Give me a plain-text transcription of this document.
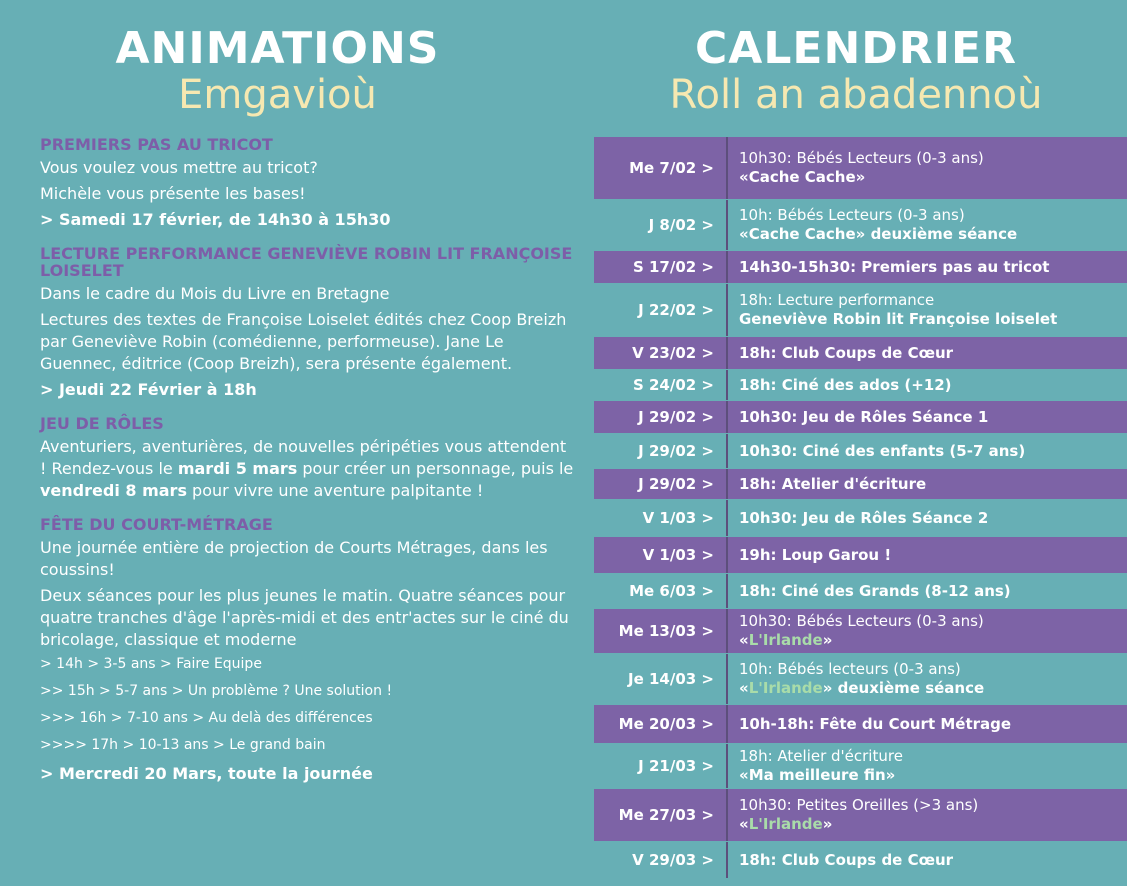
ANIMATIONS
Emgavioù
PREMIERS PAS AU TRICOT
Vous voulez vous mettre au tricot?
Michèle vous présente les bases!
> Samedi 17 février, de 14h30 à 15h30
LECTURE PERFORMANCE GENEVIÈVE ROBIN LIT FRANÇOISE LOISELET
Dans le cadre du Mois du Livre en Bretagne
Lectures des textes de Françoise Loiselet édités chez Coop Breizh par Geneviève Robin (comédienne, performeuse). Jane Le Guennec, éditrice (Coop Breizh), sera présente également.
> Jeudi 22 Février à 18h
JEU DE RÔLES
Aventuriers, aventurières, de nouvelles péripéties vous attendent ! Rendez-vous le mardi 5 mars pour créer un personnage, puis le vendredi 8 mars pour vivre une aventure palpitante !
FÊTE DU COURT-MÉTRAGE
Une journée entière de projection de Courts Métrages, dans les coussins!
Deux séances pour les plus jeunes le matin. Quatre séances pour quatre tranches d'âge l'après-midi et des entr'actes sur le ciné du bricolage, classique et moderne
> 14h > 3-5 ans > Faire Equipe
>> 15h > 5-7 ans > Un problème ? Une solution !
>>> 16h > 7-10 ans > Au delà des différences
>>>> 17h > 10-13 ans > Le grand bain
> Mercredi 20 Mars, toute la journée
CALENDRIER
Roll an abadennoù
Me 7/02 >
10h30: Bébés Lecteurs (0-3 ans)
«Cache Cache»
J 8/02 >
10h: Bébés Lecteurs (0-3 ans)
«Cache Cache» deuxième séance
S 17/02 >	14h30-15h30: Premiers pas au tricot
J 22/02 >
18h: Lecture performance
Geneviève Robin lit Françoise loiselet
V 23/02 >	18h: Club Coups de Cœur
S 24/02 >	18h: Ciné des ados (+12)
J 29/02 >	10h30: Jeu de Rôles Séance 1
J 29/02 >	10h30: Ciné des enfants (5-7 ans)
J 29/02 >	18h: Atelier d'écriture
V 1/03 >	10h30: Jeu de Rôles Séance 2
V 1/03 >	19h: Loup Garou !
Me 6/03 >	18h: Ciné des Grands (8-12 ans)
Me 13/03 >
10h30: Bébés Lecteurs (0-3 ans)
«L'Irlande»
Je 14/03 >
10h: Bébés lecteurs (0-3 ans)
«L'Irlande» deuxième séance
Me 20/03 >	10h-18h: Fête du Court Métrage
J 21/03 >
18h: Atelier d'écriture
«Ma meilleure fin»
Me 27/03 >
10h30: Petites Oreilles (>3 ans)
«L'Irlande»
V 29/03 >	18h: Club Coups de Cœur
